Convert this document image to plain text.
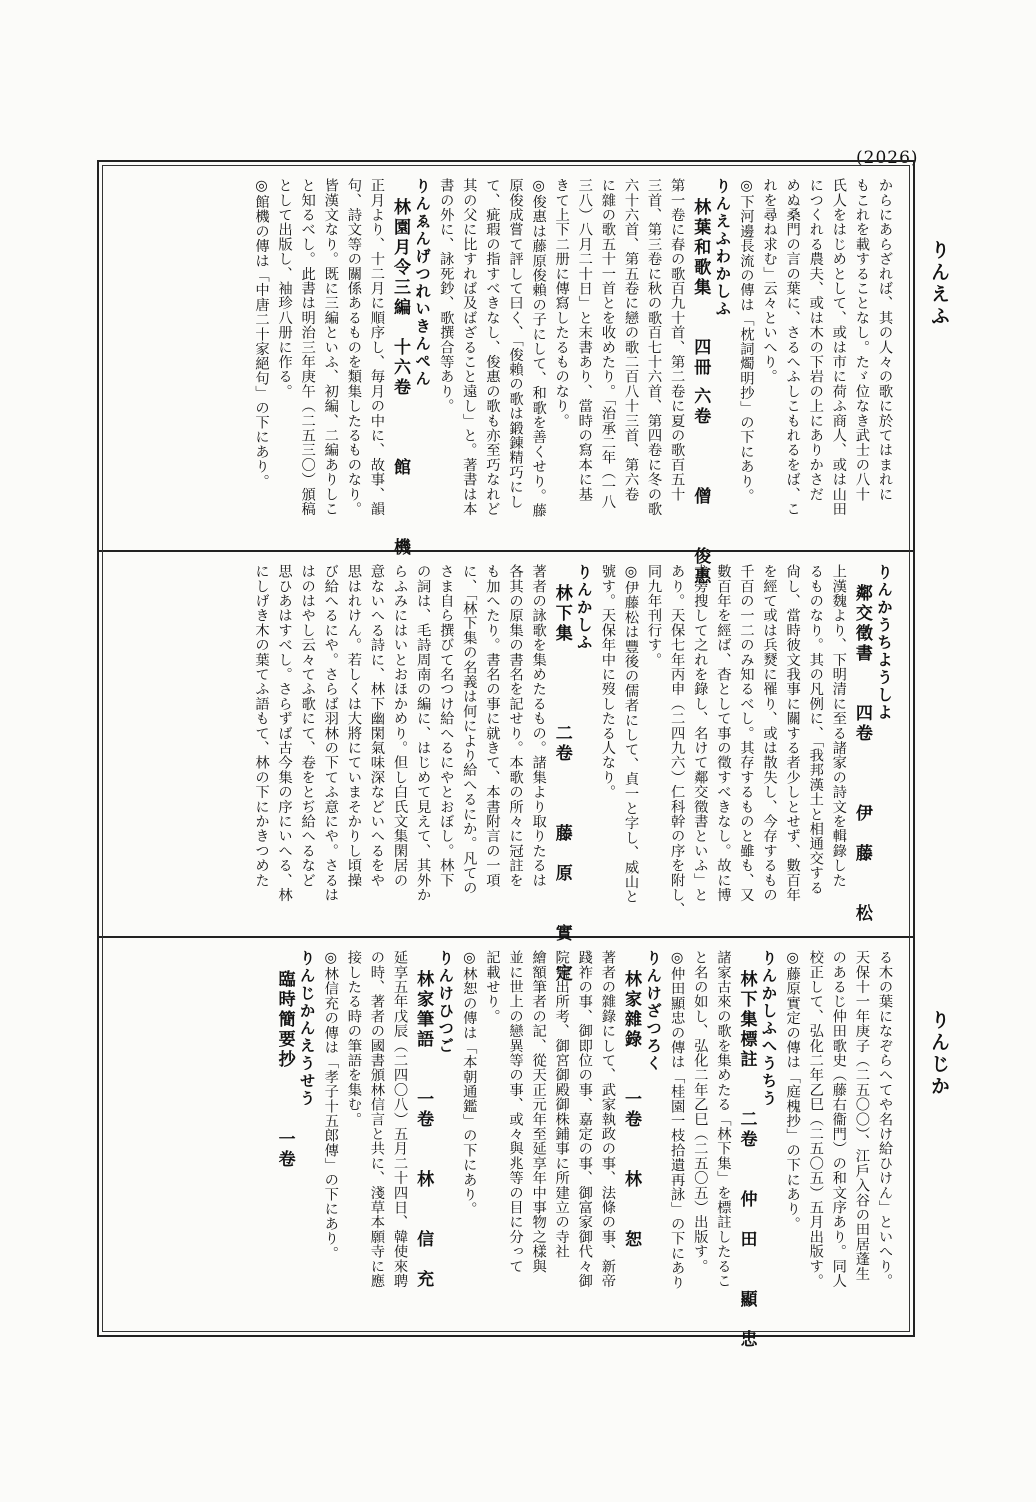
(2026)
りんえふ
りんじか
からにあらざれば、其の人々の歌に於てはまれに
もこれを載することなし。たゞ位なき武士の八十
氏人をはじめとして、或は市に荷ふ商人、或は山田
につくれる農夫、或は木の下岩の上にありかさだ
めぬ桑門の言の葉に、さるへふしこもれるをば、こ
れを尋ね求む」云々といへり。
◎下河邊長流の傳は「枕詞燭明抄」の下にあり。
りんえふわかしふ
　林葉和歌集　　四冊 六卷　　　僧　　俊惠
第一卷に春の歌百九十首、第二卷に夏の歌百五十
三首、第三卷に秋の歌百七十六首、第四卷に冬の歌
六十六首、第五卷に戀の歌二百八十三首、第六卷
に雜の歌五十一首とを收めたり。「治承二年（一八
三八）八月二十日」と末書あり、當時の寫本に基
きて上下二册に傳寫したるものなり。
◎俊惠は藤原俊賴の子にして、和歌を善くせり。藤
原俊成嘗て評して曰く、「俊賴の歌は鍛錬精巧にし
て、疵瑕の指すべきなし、俊惠の歌も亦至巧なれど
其の父に比すれば及ばざること遠し」と。著書は本
書の外に、詠死鈔、歌撰合等あり。
りんゑんげつれいきんぺん
　林園月令三編　十六卷　　　館　　　機
正月より、十二月に順序し、毎月の中に、故事、韻
句、詩文等の關係あるものを類集したるものなり。
皆漢文なり。既に三編といふ、初編、二編ありしこ
と知るべし。此書は明治三年庚午（二五三〇）頒稿
として出版し、袖珍八册に作る。
◎館機の傳は「中唐二十家絕句」の下にあり。
りんかうちようしよ
　鄰交徵書　　四卷　　　伊　藤　　松
上漢魏より、下明清に至る諸家の詩文を輯錄した
るものなり。其の凡例に、「我邦漢土と相通交する
尙し、當時彼文我事に關する者少しとせず、數百年
を經て或は兵燹に罹り、或は散失し、今存するもの
千百の一二のみ知るべし。其存するものと雖も、又
數百年を經ば、杳として事の徵すべきなし。故に博
求旁搜して之れを錄し、名けて鄰交徵書といふ」と
あり。天保七年丙申（二四九六）仁科幹の序を附し、
同九年刊行す。
◎伊藤松は豐後の儒者にして、貞一と字し、威山と
號す。天保年中に歿したる人なり。
りんかしふ
　林下集　　　　二卷　　　藤　原　　實　定
著者の詠歌を集めたるもの。諸集より取りたるは
各其の原集の書名を記せり。本歌の所々に冠註を
も加へたり。書名の事に就きて、本書附言の一項
に、「林下集の名義は何により給へるにか。凡ての
さま自ら撰びて名つけ給へるにやとおぼし。林下
の詞は、毛詩周南の編に、はじめて見えて、其外か
らふみにはいとおほかめり。但し白氏文集閑居の
意ないへる詩に、林下幽閑氣味深などいへるをや
思はれけん。若しくは大將にていまそかりし頃操
び給へるにや。さらば羽林の下てふ意にや。さるは
はのはやし云々てふ歌にて、卷をとぢ給へるなど
思ひあはすべし。さらずば古今集の序にいへる、林
にしげき木の葉てふ語もて、林の下にかきつめた
る木の葉になぞらへてや名け給ひけん」といへり。
天保十一年庚子（二五〇〇）、江戶入谷の田居蓬生
のあるじ仲田歌史（藤右衞門）の和文序あり。同人
校正して、弘化二年乙巳（二五〇五）五月出版す。
◎藤原實定の傳は「庭槐抄」の下にあり。
りんかしふへうちう
　林下集標註　　二卷　　仲　田　　顯　忠
諸家古來の歌を集めたる「林下集」を標註したるこ
と名の如し、弘化二年乙巳（二五〇五）出版す。
◎仲田顯忠の傳は「桂園一枝拾遺再詠」の下にあり
りんけざつろく
　林家雜錄　　一卷　　林　　恕
著者の雜錄にして、武家執政の事、法條の事、新帝
踐祚の事、御即位の事、嘉定の事、御富家御代々御
院號出所考、御宮御殿御株鋪事に所建立の寺社
繪額筆者の記、從天正元年至延享年中事物之樣與
並に世上の戀異等の事、或々與兆等の目に分って
記載せり。
◎林恕の傳は「本朝通鑑」の下にあり。
りんけひつご
　林家筆語　　一卷　　林　　信　充
延享五年戊辰（二四〇八）五月二十四日、韓使來聘
の時、著者の國書頒林信言と共に、淺草本願寺に應
接したる時の筆語を集む。
◎林信充の傳は「孝子十五郎傳」の下にあり。
りんじかんえうせう
　臨時簡要抄　　　一卷
